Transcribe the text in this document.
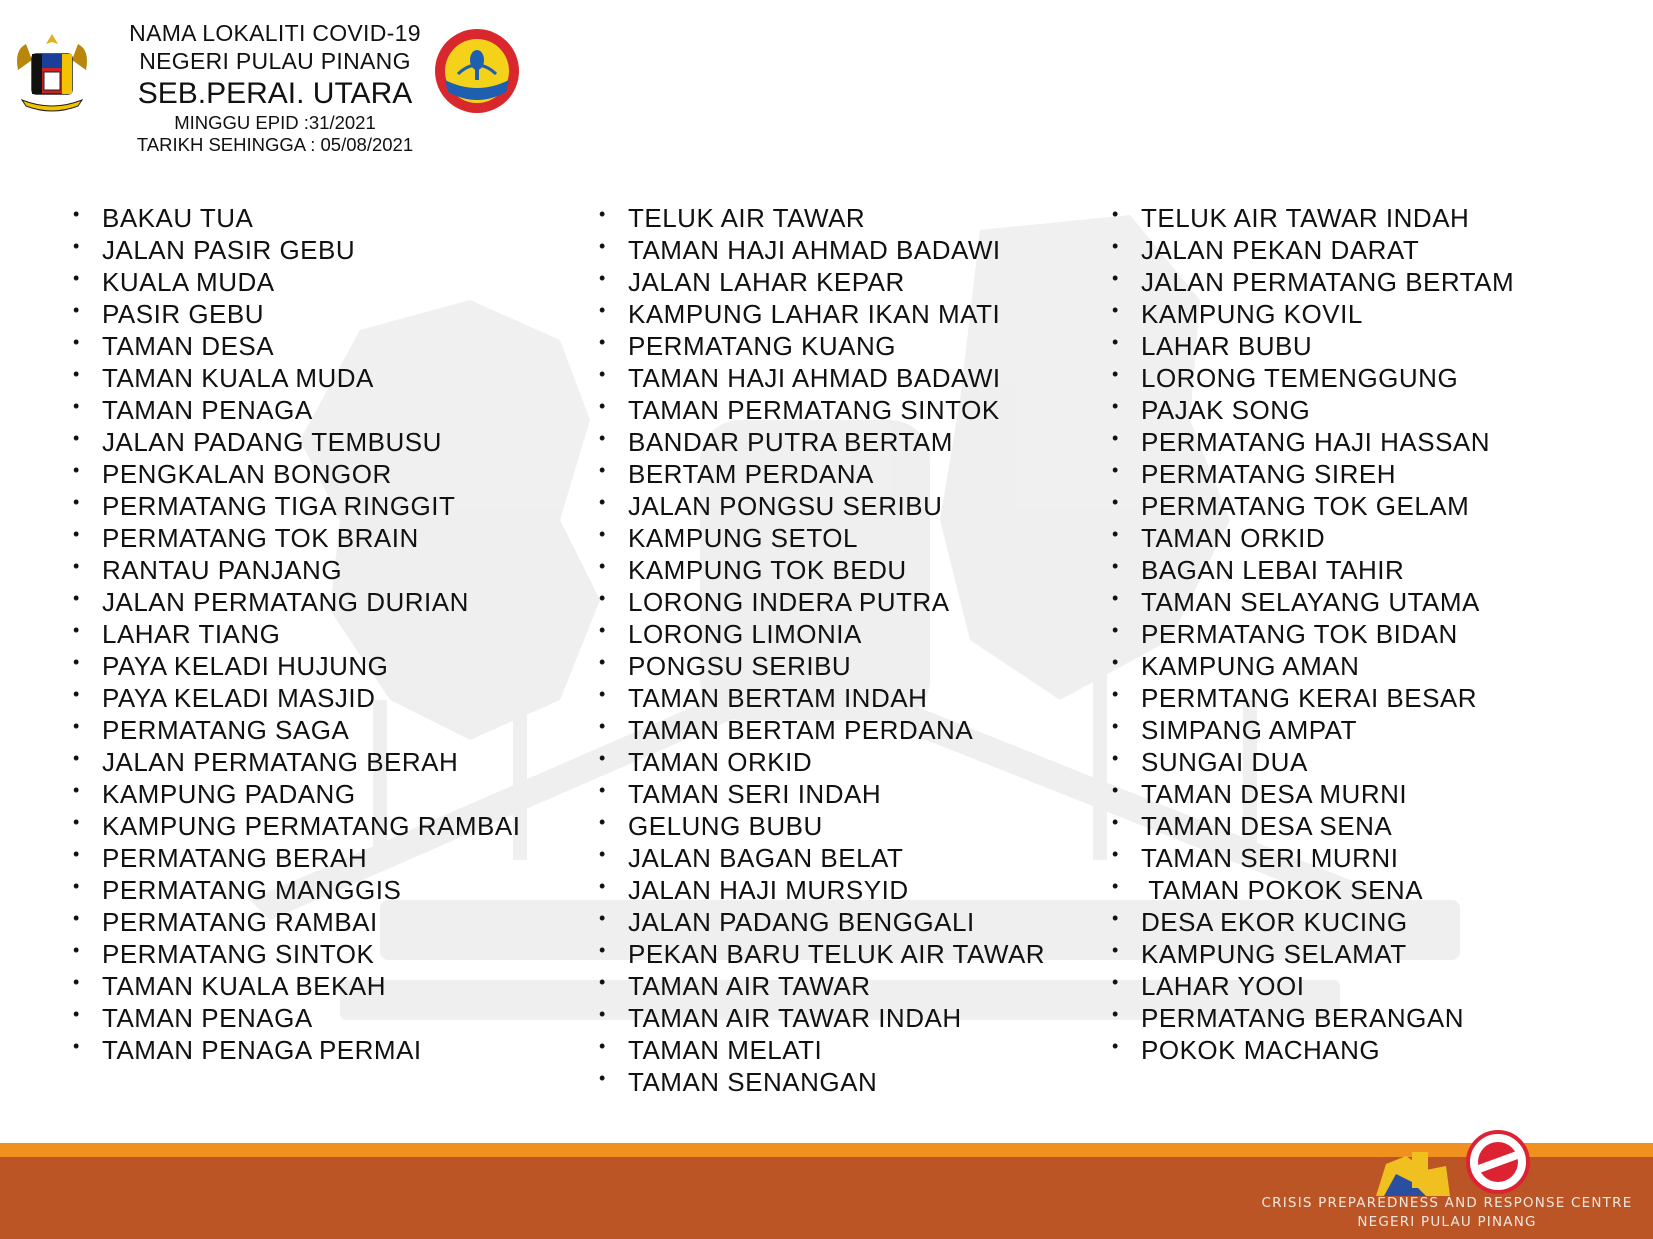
NAMA LOKALITI COVID-19
NEGERI PULAU PINANG
SEB.PERAI. UTARA
MINGGU EPID :31/2021
TARIKH SEHINGGA : 05/08/2021
• BAKAU TUA
• JALAN PASIR GEBU
• KUALA MUDA
• PASIR GEBU
• TAMAN DESA
• TAMAN KUALA MUDA
• TAMAN PENAGA
• JALAN PADANG TEMBUSU
• PENGKALAN BONGOR
• PERMATANG TIGA RINGGIT
• PERMATANG TOK BRAIN
• RANTAU PANJANG
• JALAN PERMATANG DURIAN
• LAHAR TIANG
• PAYA KELADI HUJUNG
• PAYA KELADI MASJID
• PERMATANG SAGA
• JALAN PERMATANG BERAH
• KAMPUNG PADANG
• KAMPUNG PERMATANG RAMBAI
• PERMATANG BERAH
• PERMATANG MANGGIS
• PERMATANG RAMBAI
• PERMATANG SINTOK
• TAMAN KUALA BEKAH
• TAMAN PENAGA
• TAMAN PENAGA PERMAI
• TELUK AIR TAWAR
• TAMAN HAJI AHMAD BADAWI
• JALAN LAHAR KEPAR
• KAMPUNG LAHAR IKAN MATI
• PERMATANG KUANG
• TAMAN HAJI AHMAD BADAWI
• TAMAN PERMATANG SINTOK
• BANDAR PUTRA BERTAM
• BERTAM PERDANA
• JALAN PONGSU SERIBU
• KAMPUNG SETOL
• KAMPUNG TOK BEDU
• LORONG INDERA PUTRA
• LORONG LIMONIA
• PONGSU SERIBU
• TAMAN BERTAM INDAH
• TAMAN BERTAM PERDANA
• TAMAN ORKID
• TAMAN SERI INDAH
• GELUNG BUBU
• JALAN BAGAN BELAT
• JALAN HAJI MURSYID
• JALAN PADANG BENGGALI
• PEKAN BARU TELUK AIR TAWAR
• TAMAN AIR TAWAR
• TAMAN AIR TAWAR INDAH
• TAMAN MELATI
• TAMAN SENANGAN
• TELUK AIR TAWAR INDAH
• JALAN PEKAN DARAT
• JALAN PERMATANG BERTAM
• KAMPUNG KOVIL
• LAHAR BUBU
• LORONG TEMENGGUNG
• PAJAK SONG
• PERMATANG HAJI HASSAN
• PERMATANG SIREH
• PERMATANG TOK GELAM
• TAMAN ORKID
• BAGAN LEBAI TAHIR
• TAMAN SELAYANG UTAMA
• PERMATANG TOK BIDAN
• KAMPUNG AMAN
• PERMTANG KERAI BESAR
• SIMPANG AMPAT
• SUNGAI DUA
• TAMAN DESA MURNI
• TAMAN DESA SENA
• TAMAN SERI MURNI
• TAMAN POKOK SENA
• DESA EKOR KUCING
• KAMPUNG SELAMAT
• LAHAR YOOI
• PERMATANG BERANGAN
• POKOK MACHANG
CRISIS PREPAREDNESS AND RESPONSE CENTRE
NEGERI PULAU PINANG
